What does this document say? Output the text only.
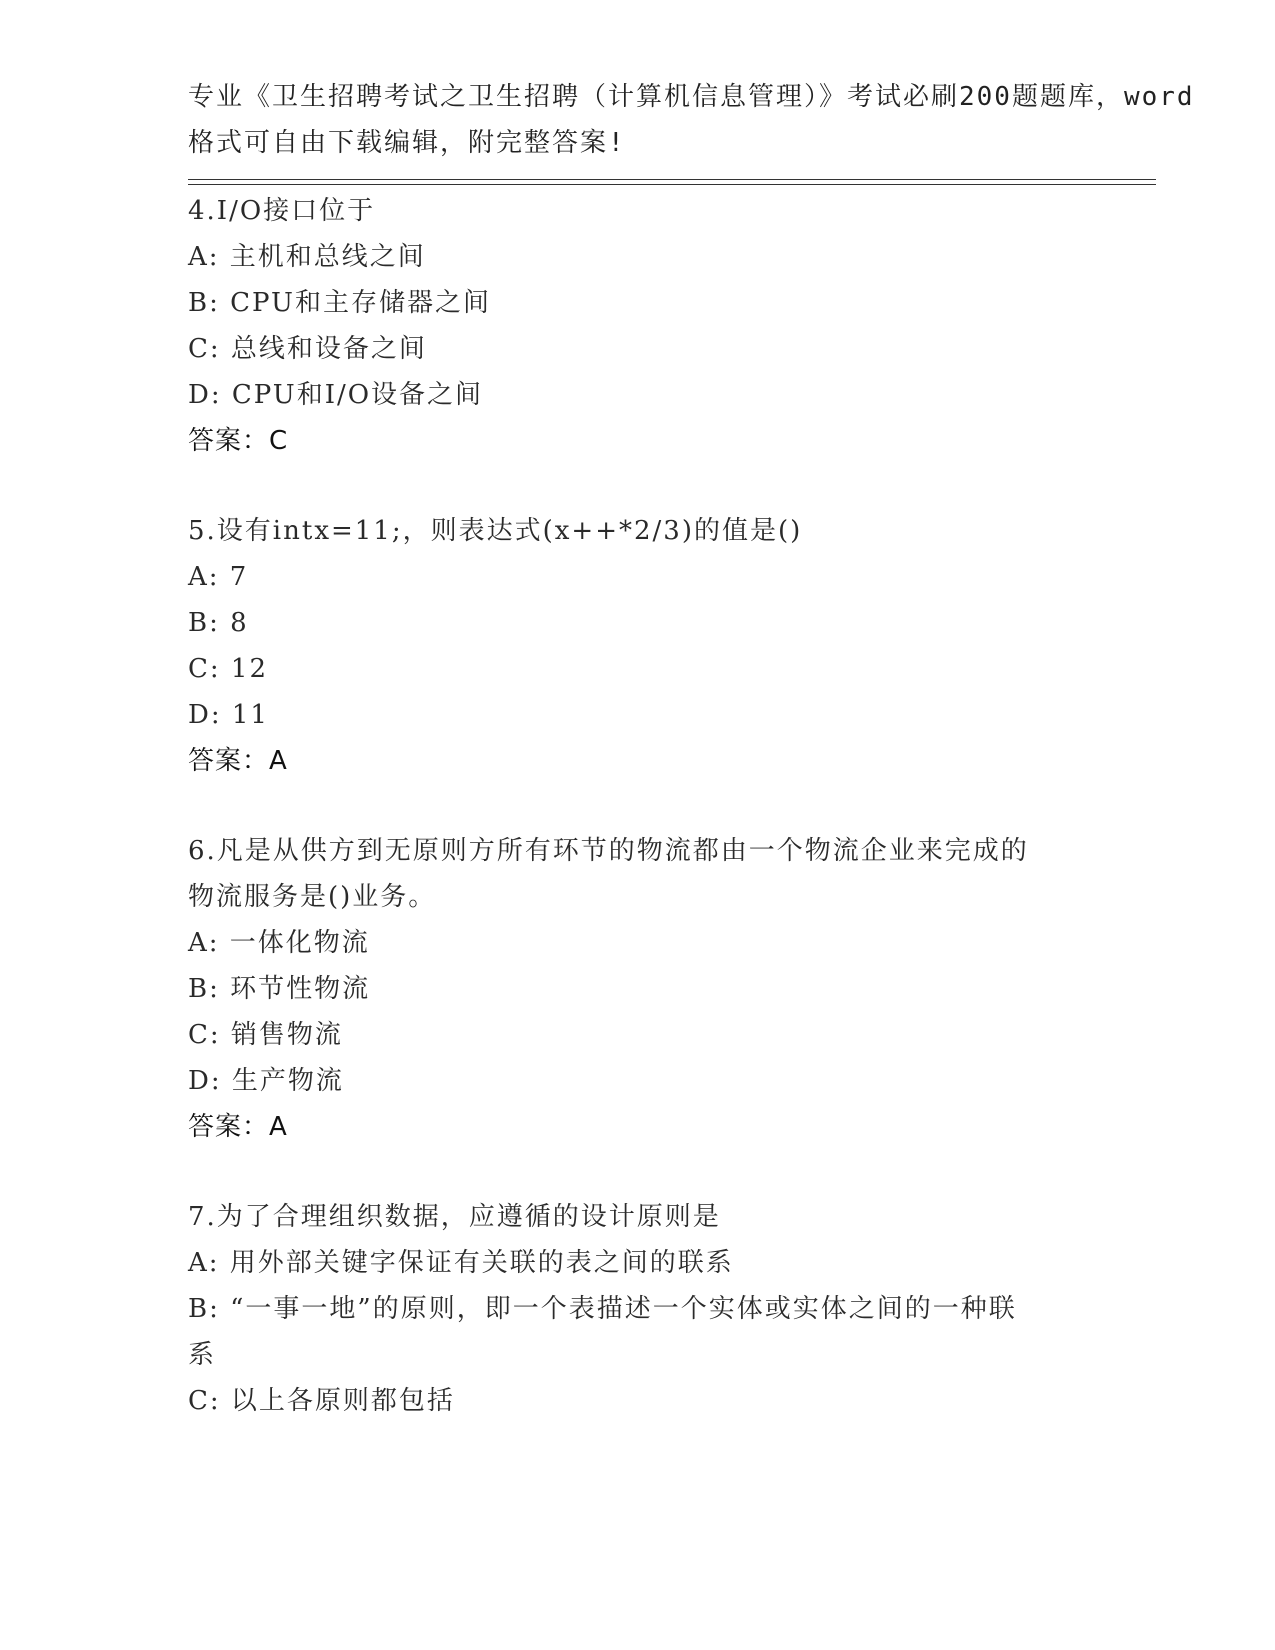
专业《卫生招聘考试之卫生招聘（计算机信息管理）》考试必刷200题题库，word
格式可自由下载编辑，附完整答案!
4.I/O接口位于
A: 主机和总线之间
B: CPU和主存储器之间
C: 总线和设备之间
D: CPU和I/O设备之间
答案：C
5.设有intx=11;，则表达式(x++*2/3)的值是()
A: 7
B: 8
C: 12
D: 11
答案：A
6.凡是从供方到无原则方所有环节的物流都由一个物流企业来完成的
物流服务是()业务。
A: 一体化物流
B: 环节性物流
C: 销售物流
D: 生产物流
答案：A
7.为了合理组织数据，应遵循的设计原则是
A: 用外部关键字保证有关联的表之间的联系
B: “一事一地”的原则，即一个表描述一个实体或实体之间的一种联
系
C: 以上各原则都包括
